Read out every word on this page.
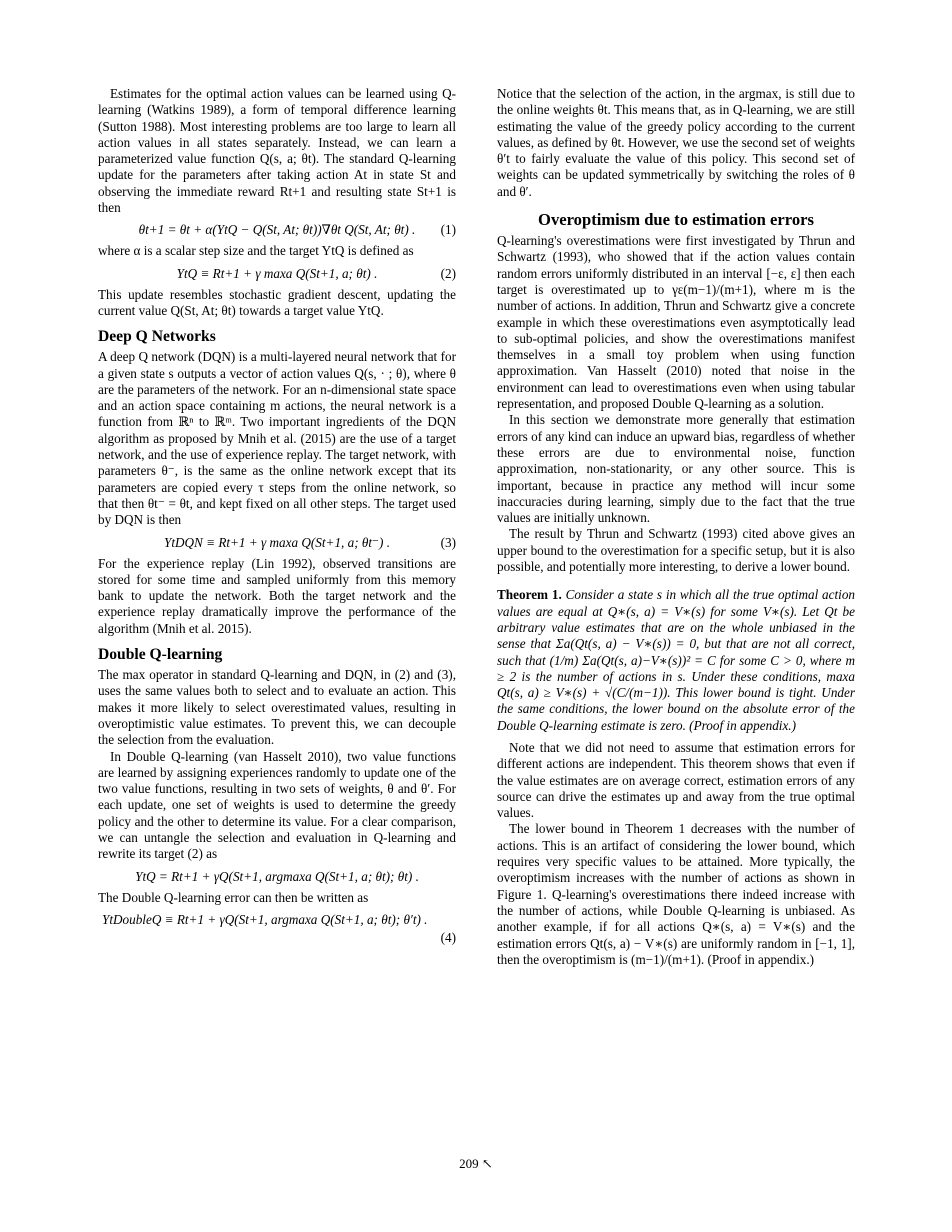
Estimates for the optimal action values can be learned using Q-learning (Watkins 1989), a form of temporal difference learning (Sutton 1988). Most interesting problems are too large to learn all action values in all states separately. Instead, we can learn a parameterized value function Q(s, a; θt). The standard Q-learning update for the parameters after taking action At in state St and observing the immediate reward Rt+1 and resulting state St+1 is then

θt+1 = θt + α(YtQ − Q(St, At; θt))∇θt Q(St, At; θt) . (1)

where α is a scalar step size and the target YtQ is defined as

YtQ ≡ Rt+1 + γ maxa Q(St+1, a; θt) .	(2)

This update resembles stochastic gradient descent, updating the current value Q(St, At; θt) towards a target value YtQ.

Deep Q Networks

A deep Q network (DQN) is a multi-layered neural network that for a given state s outputs a vector of action values Q(s, · ; θ), where θ are the parameters of the network. For an n-dimensional state space and an action space containing m actions, the neural network is a function from ℝⁿ to ℝᵐ. Two important ingredients of the DQN algorithm as proposed by Mnih et al. (2015) are the use of a target network, and the use of experience replay. The target network, with parameters θ⁻, is the same as the online network except that its parameters are copied every τ steps from the online network, so that then θt⁻ = θt, and kept fixed on all other steps. The target used by DQN is then

YtDQN ≡ Rt+1 + γ maxa Q(St+1, a; θt⁻) .	(3)

For the experience replay (Lin 1992), observed transitions are stored for some time and sampled uniformly from this memory bank to update the network. Both the target network and the experience replay dramatically improve the performance of the algorithm (Mnih et al. 2015).

Double Q-learning

The max operator in standard Q-learning and DQN, in (2) and (3), uses the same values both to select and to evaluate an action. This makes it more likely to select overestimated values, resulting in overoptimistic value estimates. To prevent this, we can decouple the selection from the evaluation.

In Double Q-learning (van Hasselt 2010), two value functions are learned by assigning experiences randomly to update one of the two value functions, resulting in two sets of weights, θ and θ′. For each update, one set of weights is used to determine the greedy policy and the other to determine its value. For a clear comparison, we can untangle the selection and evaluation in Q-learning and rewrite its target (2) as

YtQ = Rt+1 + γQ(St+1, argmaxa Q(St+1, a; θt); θt) .

The Double Q-learning error can then be written as

YtDoubleQ ≡ Rt+1 + γQ(St+1, argmaxa Q(St+1, a; θt); θ′t) .
(4)

Notice that the selection of the action, in the argmax, is still due to the online weights θt. This means that, as in Q-learning, we are still estimating the value of the greedy policy according to the current values, as defined by θt. However, we use the second set of weights θ′t to fairly evaluate the value of this policy. This second set of weights can be updated symmetrically by switching the roles of θ and θ′.

Overoptimism due to estimation errors

Q-learning's overestimations were first investigated by Thrun and Schwartz (1993), who showed that if the action values contain random errors uniformly distributed in an interval [−ε, ε] then each target is overestimated up to γε(m−1)/(m+1), where m is the number of actions. In addition, Thrun and Schwartz give a concrete example in which these overestimations even asymptotically lead to sub-optimal policies, and show the overestimations manifest themselves in a small toy problem when using function approximation. Van Hasselt (2010) noted that noise in the environment can lead to overestimations even when using tabular representation, and proposed Double Q-learning as a solution.

In this section we demonstrate more generally that estimation errors of any kind can induce an upward bias, regardless of whether these errors are due to environmental noise, function approximation, non-stationarity, or any other source. This is important, because in practice any method will incur some inaccuracies during learning, simply due to the fact that the true values are initially unknown.

The result by Thrun and Schwartz (1993) cited above gives an upper bound to the overestimation for a specific setup, but it is also possible, and potentially more interesting, to derive a lower bound.

Theorem 1. Consider a state s in which all the true optimal action values are equal at Q∗(s, a) = V∗(s) for some V∗(s). Let Qt be arbitrary value estimates that are on the whole unbiased in the sense that Σa(Qt(s, a) − V∗(s)) = 0, but that are not all correct, such that (1/m) Σa(Qt(s, a)−V∗(s))² = C for some C > 0, where m ≥ 2 is the number of actions in s. Under these conditions, maxa Qt(s, a) ≥ V∗(s) + √(C/(m−1)). This lower bound is tight. Under the same conditions, the lower bound on the absolute error of the Double Q-learning estimate is zero. (Proof in appendix.)

Note that we did not need to assume that estimation errors for different actions are independent. This theorem shows that even if the value estimates are on average correct, estimation errors of any source can drive the estimates up and away from the true optimal values.

The lower bound in Theorem 1 decreases with the number of actions. This is an artifact of considering the lower bound, which requires very specific values to be attained. More typically, the overoptimism increases with the number of actions as shown in Figure 1. Q-learning's overestimations there indeed increase with the number of actions, while Double Q-learning is unbiased. As another example, if for all actions Q∗(s, a) = V∗(s) and the estimation errors Qt(s, a) − V∗(s) are uniformly random in [−1, 1], then the overoptimism is (m−1)/(m+1). (Proof in appendix.)

209 ↖
